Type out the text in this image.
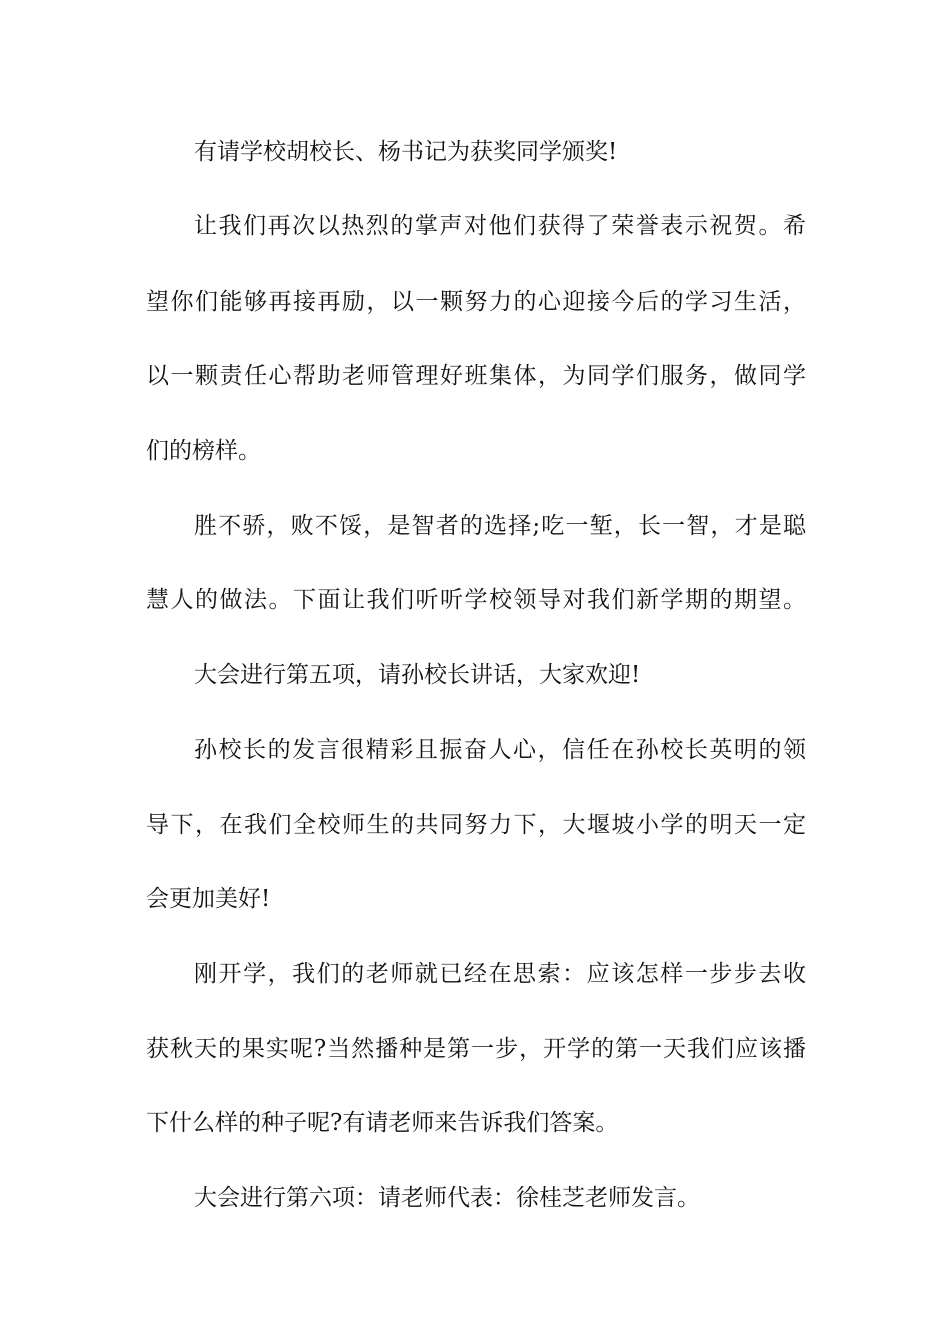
有请学校胡校长、杨书记为获奖同学颁奖!
让我们再次以热烈的掌声对他们获得了荣誉表示祝贺。希
望你们能够再接再励，以一颗努力的心迎接今后的学习生活，
以一颗责任心帮助老师管理好班集体，为同学们服务，做同学
们的榜样。
胜不骄，败不馁，是智者的选择;吃一堑，长一智，才是聪
慧人的做法。下面让我们听听学校领导对我们新学期的期望。
大会进行第五项，请孙校长讲话，大家欢迎!
孙校长的发言很精彩且振奋人心，信任在孙校长英明的领
导下，在我们全校师生的共同努力下，大堰坡小学的明天一定
会更加美好!
刚开学，我们的老师就已经在思索：应该怎样一步步去收
获秋天的果实呢?当然播种是第一步，开学的第一天我们应该播
下什么样的种子呢?有请老师来告诉我们答案。
大会进行第六项：请老师代表：徐桂芝老师发言。
